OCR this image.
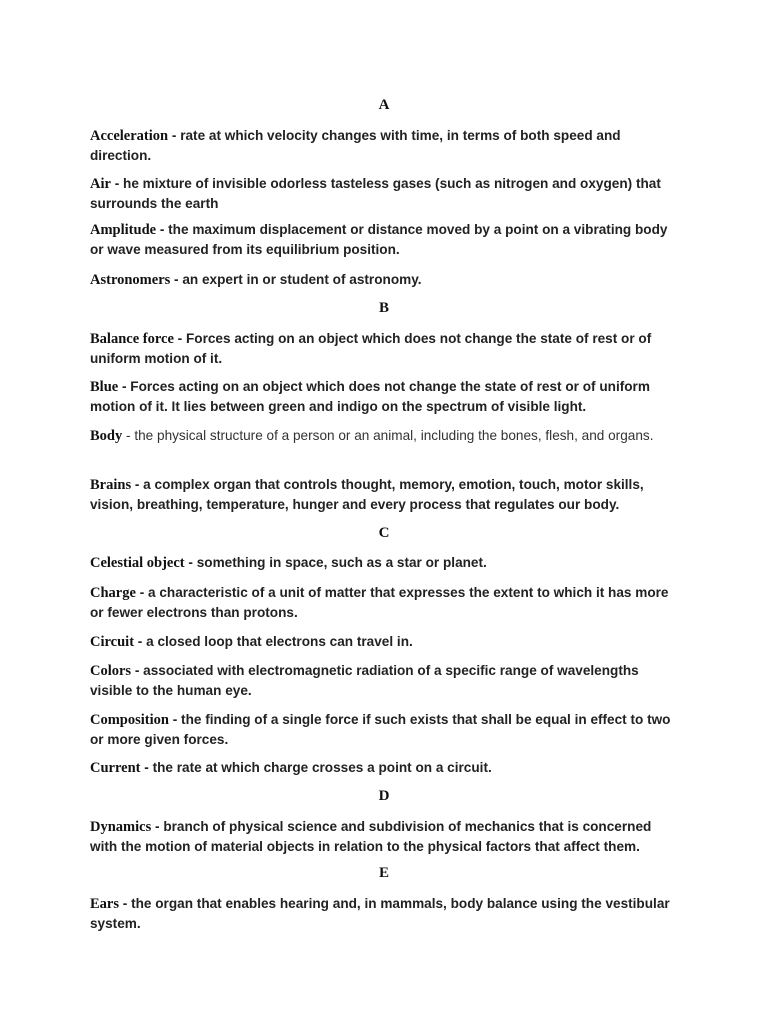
A

Acceleration - rate at which velocity changes with time, in terms of both speed and direction.

Air - he mixture of invisible odorless tasteless gases (such as nitrogen and oxygen) that surrounds the earth

Amplitude - the maximum displacement or distance moved by a point on a vibrating body or wave measured from its equilibrium position.

Astronomers - an expert in or student of astronomy.

B

Balance force - Forces acting on an object which does not change the state of rest or of uniform motion of it.

Blue - Forces acting on an object which does not change the state of rest or of uniform motion of it. It lies between green and indigo on the spectrum of visible light.

Body - the physical structure of a person or an animal, including the bones, flesh, and organs.

Brains - a complex organ that controls thought, memory, emotion, touch, motor skills, vision, breathing, temperature, hunger and every process that regulates our body.

C

Celestial object - something in space, such as a star or planet.

Charge - a characteristic of a unit of matter that expresses the extent to which it has more or fewer electrons than protons.

Circuit - a closed loop that electrons can travel in.

Colors - associated with electromagnetic radiation of a specific range of wavelengths visible to the human eye.

Composition - the finding of a single force if such exists that shall be equal in effect to two or more given forces.

Current - the rate at which charge crosses a point on a circuit.

D

Dynamics - branch of physical science and subdivision of mechanics that is concerned with the motion of material objects in relation to the physical factors that affect them.

E

Ears - the organ that enables hearing and, in mammals, body balance using the vestibular system.
